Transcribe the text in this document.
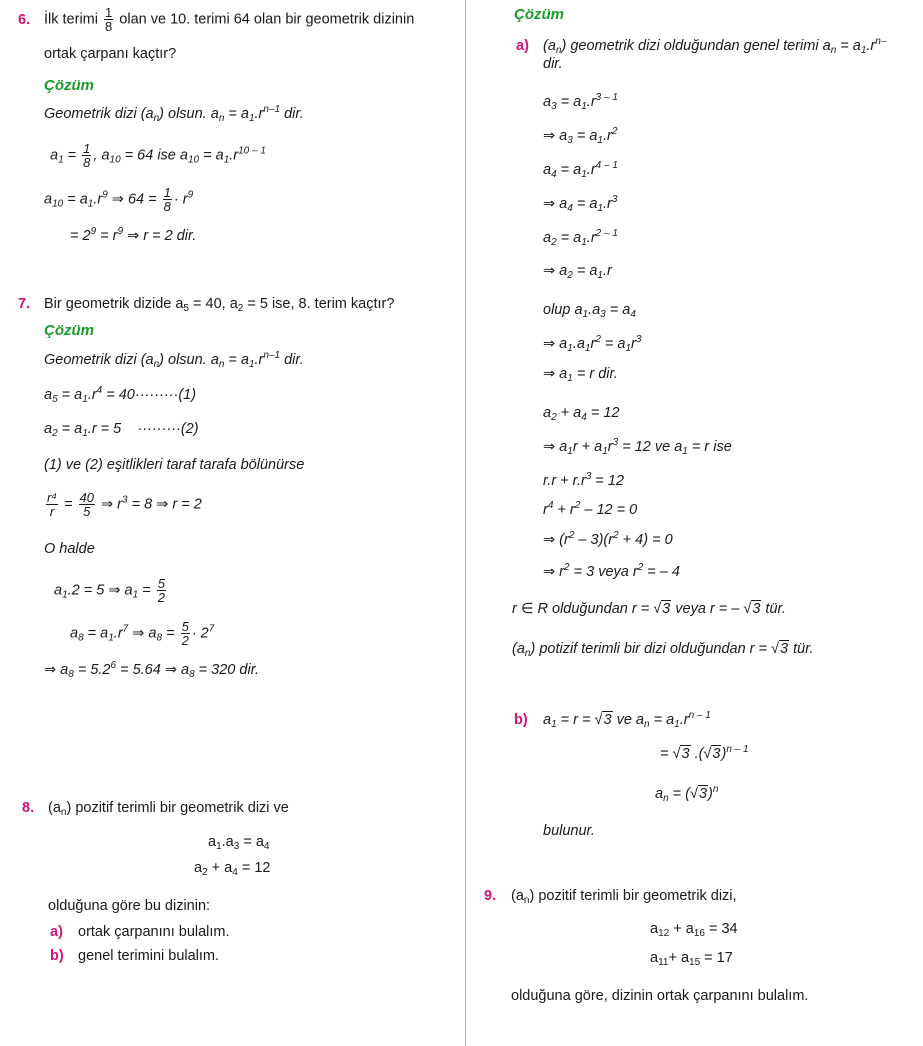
6. İlk terimi $\frac{1}{8}$ olan ve 10. terimi 64 olan bir geometrik dizinin
ortak çarpanı kaçtır?
Çözüm
Geometrik dizi $(a_n)$ olsun. $a_n = a_1.r^{n-1}$ dir.
$a_1 = \frac{1}{8}$ , $a_{10} = 64$ ise $a_{10} = a_1.r^{10 - 1}$
$a_{10} = a_1.r^9$ ⇒ $64 = \frac{1}{8} \cdot r^9$
= $2^9 = r^9$ ⇒ r = 2 dir.
7. Bir geometrik dizide $a_5 = 40$, $a_2 = 5$ ise, 8. terim kaçtır?
Çözüm
Geometrik dizi $(a_n)$ olsun. $a_n = a_1.r^{n-1}$ dir.
$a_5 = a_1.r^4 = 40\cdot\cdot\cdot\cdot\cdot\cdot\cdot\cdot\cdot(1)$
$a_2 = a_1.r = 5 \cdot\cdot\cdot\cdot\cdot\cdot\cdot\cdot\cdot(2)$
(1) ve (2) eşitlikleri taraf tarafa bölünürse
$\frac{\text{r⁴}}{r} = \frac{40}{5}$ ⇒ $r^3 = 8$ ⇒ r = 2
O halde
$a_1.2 = 5$ ⇒ $a_1 = \frac{5}{2}$
$a_8 = a_1.r^7$ ⇒ $a_8 = \frac{5}{2} \cdot 2^7$
⇒ $a_8 = 5.2^6 = 5.64$ ⇒ $a_8 = 320$ dir.
8. $(a_n)$ pozitif terimli bir geometrik dizi ve
$a_1.a_3 = a_4$
$a_2 + a_4 = 12$
olduğuna göre bu dizinin:
a) ortak çarpanını bulalım.
b) genel terimini bulalım.
Çözüm
a) $(a_n)$ geometrik dizi olduğundan genel terimi $a_n = a_1.r^{n-}$
dir.
$a_3 = a_1.r^{3 - 1}$
⇒ $a_3 = a_1.r^2$
$a_4 = a_1.r^{4 - 1}$
⇒ $a_4 = a_1.r^3$
$a_2 = a_1.r^{2 - 1}$
⇒ $a_2 = a_1.r$
olup $a_1.a_3 = a_4$
⇒ $a_1.a_1r^2 = a_1r^3$
⇒ $a_1 = r$ dir.
$a_2 + a_4 = 12$
⇒ $a_1r + a_1r^3 = 12$ ve $a_1 = r$ ise
$r.r + r.r^3 = 12$
$r^4 + r^2 - 12 = 0$
⇒ $(r^2 - 3)(r^2 + 4) = 0$
⇒ $r^2 = 3$ veya $r^2$ = – 4
r ∈ R olduğundan r = √3 veya r = – √3 tür.
$(a_n)$ potizif terimli bir dizi olduğundan r = √3 tür.
b) $a_1 = r = √3$ ve $a_n = a_1.r^{n - 1}$
= √3 $.(√3)^{n - 1}$
$a_n = (√3)^n$
bulunur.
9. $(a_n)$ pozitif terimli bir geometrik dizi,
$a_{12} + a_{16} = 34$
$a_{11}+ a_{15} = 17$
olduğuna göre, dizinin ortak çarpanını bulalım.
